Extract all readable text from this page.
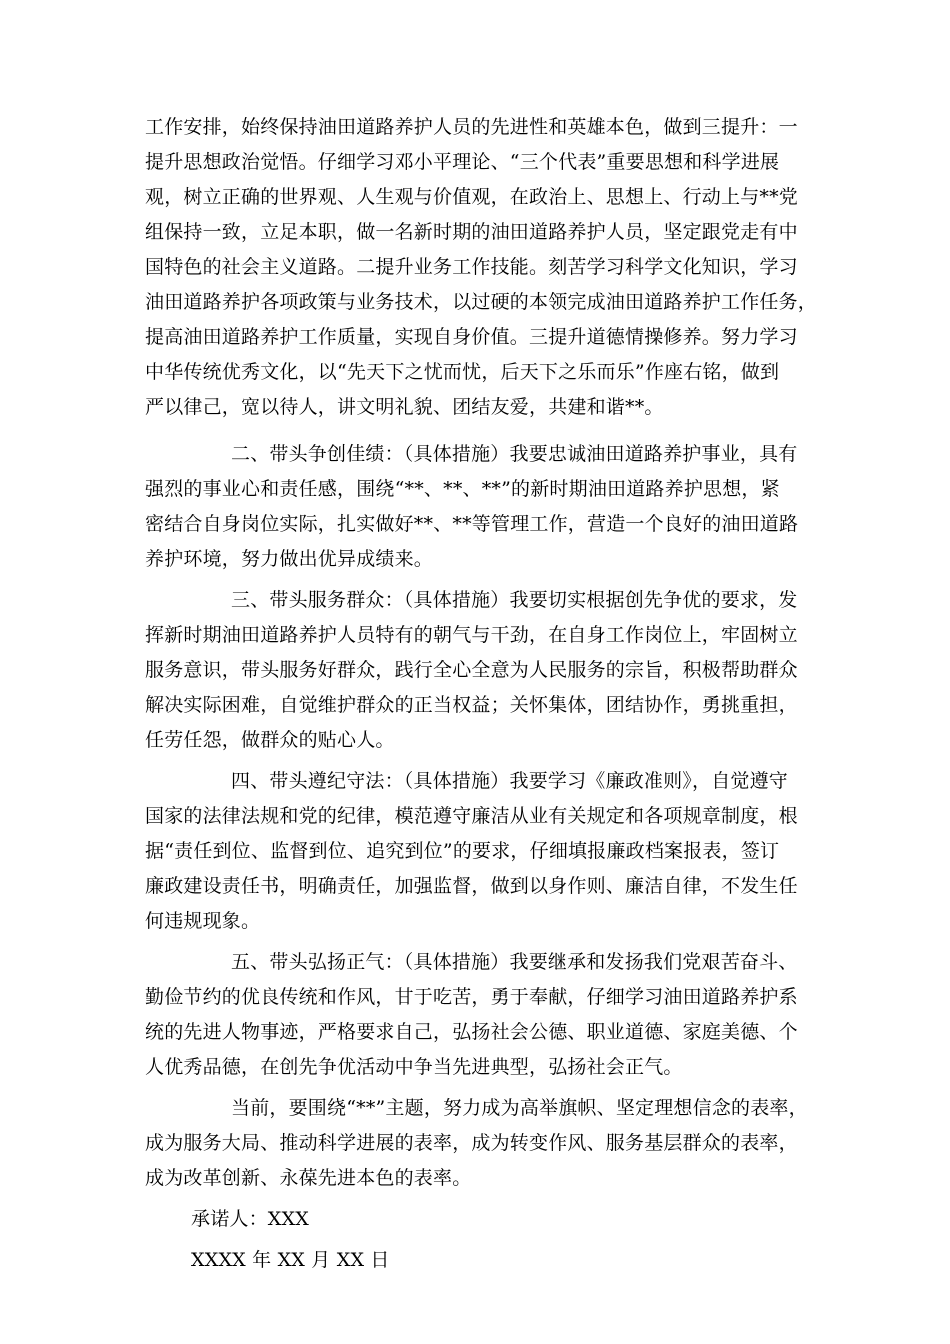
工作安排，始终保持油田道路养护人员的先进性和英雄本色，做到三提升：一
提升思想政治觉悟。仔细学习邓小平理论、“三个代表”重要思想和科学进展
观，树立正确的世界观、人生观与价值观，在政治上、思想上、行动上与**党
组保持一致，立足本职，做一名新时期的油田道路养护人员，坚定跟党走有中
国特色的社会主义道路。二提升业务工作技能。刻苦学习科学文化知识，学习
油田道路养护各项政策与业务技术，以过硬的本领完成油田道路养护工作任务，
提高油田道路养护工作质量，实现自身价值。三提升道德情操修养。努力学习
中华传统优秀文化，以“先天下之忧而忧，后天下之乐而乐”作座右铭，做到
严以律己，宽以待人，讲文明礼貌、团结友爱，共建和谐**。
二、带头争创佳绩：（具体措施）我要忠诚油田道路养护事业，具有
强烈的事业心和责任感，围绕“**、**、**”的新时期油田道路养护思想，紧
密结合自身岗位实际，扎实做好**、**等管理工作，营造一个良好的油田道路
养护环境，努力做出优异成绩来。
三、带头服务群众：（具体措施）我要切实根据创先争优的要求，发
挥新时期油田道路养护人员特有的朝气与干劲，在自身工作岗位上，牢固树立
服务意识，带头服务好群众，践行全心全意为人民服务的宗旨，积极帮助群众
解决实际困难，自觉维护群众的正当权益；关怀集体，团结协作，勇挑重担，
任劳任怨，做群众的贴心人。
四、带头遵纪守法：（具体措施）我要学习《廉政准则》，自觉遵守
国家的法律法规和党的纪律，模范遵守廉洁从业有关规定和各项规章制度，根
据“责任到位、监督到位、追究到位”的要求，仔细填报廉政档案报表，签订
廉政建设责任书，明确责任，加强监督，做到以身作则、廉洁自律，不发生任
何违规现象。
五、带头弘扬正气：（具体措施）我要继承和发扬我们党艰苦奋斗、
勤俭节约的优良传统和作风，甘于吃苦，勇于奉献，仔细学习油田道路养护系
统的先进人物事迹，严格要求自己，弘扬社会公德、职业道德、家庭美德、个
人优秀品德，在创先争优活动中争当先进典型，弘扬社会正气。
当前，要围绕“**”主题，努力成为高举旗帜、坚定理想信念的表率，
成为服务大局、推动科学进展的表率，成为转变作风、服务基层群众的表率，
成为改革创新、永葆先进本色的表率。
承诺人：XXX
XXXX 年 XX 月 XX 日
